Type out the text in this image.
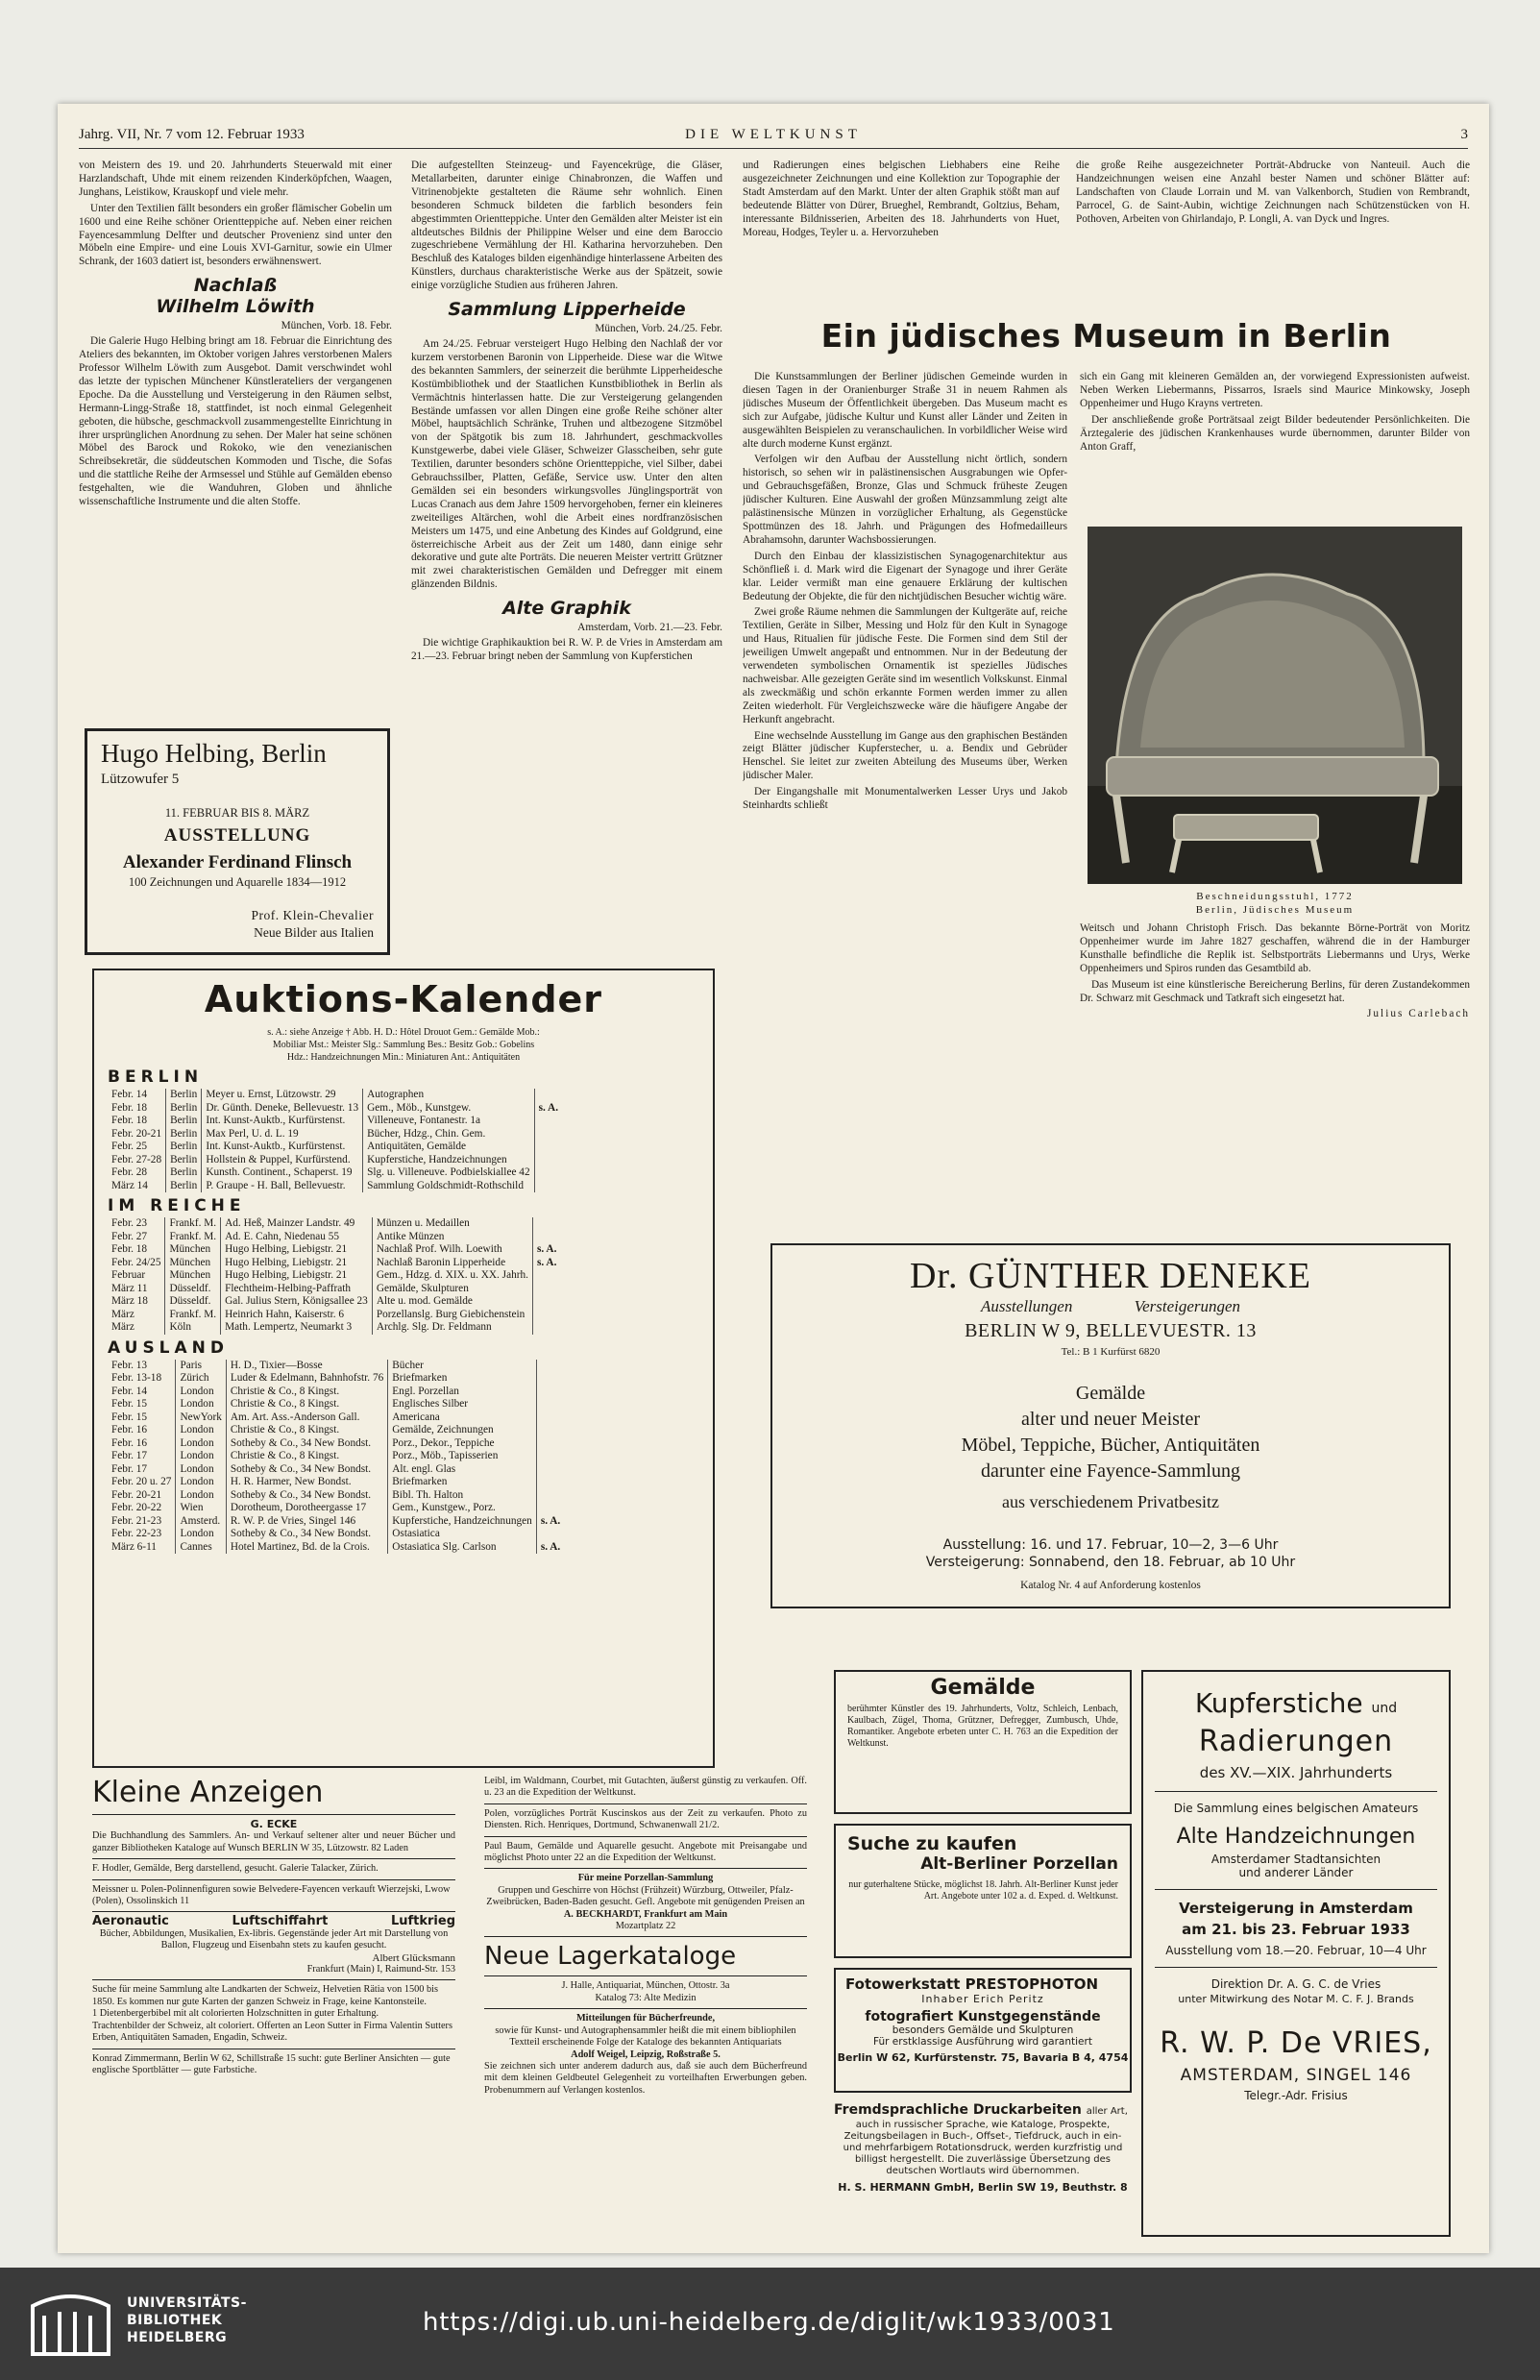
Jahrg. VII, Nr. 7 vom 12. Februar 1933	DIE WELTKUNST	3

von Meistern des 19. und 20. Jahrhunderts Steuerwald mit einer Harzlandschaft, Uhde mit einem reizenden Kinderköpfchen, Waagen, Junghans, Leistikow, Krauskopf und viele mehr.

Unter den Textilien fällt besonders ein großer flämischer Gobelin um 1600 und eine Reihe schöner Orientteppiche auf. Neben einer reichen Fayencesammlung Delfter und deutscher Provenienz sind unter den Möbeln eine Empire- und eine Louis XVI-Garnitur, sowie ein Ulmer Schrank, der 1603 datiert ist, besonders erwähnenswert.

Nachlaß
Wilhelm Löwith
München, Vorb. 18. Febr.

Die Galerie Hugo Helbing bringt am 18. Februar die Einrichtung des Ateliers des bekannten, im Oktober vorigen Jahres verstorbenen Malers Professor Wilhelm Löwith zum Ausgebot. Damit verschwindet wohl das letzte der typischen Münchener Künstlerateliers der vergangenen Epoche. Da die Ausstellung und Versteigerung in den Räumen selbst, Hermann-Lingg-Straße 18, stattfindet, ist noch einmal Gelegenheit geboten, die hübsche, geschmackvoll zusammengestellte Einrichtung in ihrer ursprünglichen Anordnung zu sehen. Der Maler hat seine schönen Möbel des Barock und Rokoko, wie den venezianischen Schreibsekretär, die süddeutschen Kommoden und Tische, die Sofas und die stattliche Reihe der Armsessel und Stühle auf Gemälden ebenso festgehalten, wie die Wanduhren, Globen und ähnliche wissenschaftliche Instrumente und die alten Stoffe.

Hugo Helbing, Berlin
Lützowufer 5
11. FEBRUAR BIS 8. MÄRZ
AUSSTELLUNG
Alexander Ferdinand Flinsch
100 Zeichnungen und Aquarelle 1834—1912
Prof. Klein-Chevalier
Neue Bilder aus Italien

Die aufgestellten Steinzeug- und Fayencekrüge, die Gläser, Metallarbeiten, darunter einige Chinabronzen, die Waffen und Vitrinenobjekte gestalteten die Räume sehr wohnlich. Einen besonderen Schmuck bildeten die farblich besonders fein abgestimmten Orientteppiche. Unter den Gemälden alter Meister ist ein altdeutsches Bildnis der Philippine Welser und eine dem Baroccio zugeschriebene Vermählung der Hl. Katharina hervorzuheben. Den Beschluß des Kataloges bilden eigenhändige hinterlassene Arbeiten des Künstlers, durchaus charakteristische Werke aus der Spätzeit, sowie einige vorzügliche Studien aus früheren Jahren.

Sammlung Lipperheide
München, Vorb. 24./25. Febr.

Am 24./25. Februar versteigert Hugo Helbing den Nachlaß der vor kurzem verstorbenen Baronin von Lipperheide. Diese war die Witwe des bekannten Sammlers, der seinerzeit die berühmte Lipperheidesche Kostümbibliothek und der Staatlichen Kunstbibliothek in Berlin als Vermächtnis hinterlassen hatte. Die zur Versteigerung gelangenden Bestände umfassen vor allen Dingen eine große Reihe schöner alter Möbel, hauptsächlich Schränke, Truhen und altbezogene Sitzmöbel von der Spätgotik bis zum 18. Jahrhundert, geschmackvolles Kunstgewerbe, dabei viele Gläser, Schweizer Glasscheiben, sehr gute Textilien, darunter besonders schöne Orientteppiche, viel Silber, dabei Gebrauchssilber, Platten, Gefäße, Service usw. Unter den alten Gemälden sei ein besonders wirkungsvolles Jünglingsporträt von Lucas Cranach aus dem Jahre 1509 hervorgehoben, ferner ein kleineres zweiteiliges Altärchen, wohl die Arbeit eines nordfranzösischen Meisters um 1475, und eine Anbetung des Kindes auf Goldgrund, eine österreichische Arbeit aus der Zeit um 1480, dann einige sehr dekorative und gute alte Porträts. Die neueren Meister vertritt Grützner mit zwei charakteristischen Gemälden und Defregger mit einem glänzenden Bildnis.

Alte Graphik
Amsterdam, Vorb. 21.—23. Febr.

Die wichtige Graphikauktion bei R. W. P. de Vries in Amsterdam am 21.—23. Februar bringt neben der Sammlung von Kupferstichen

und Radierungen eines belgischen Liebhabers eine Reihe ausgezeichneter Zeichnungen und eine Kollektion zur Topographie der Stadt Amsterdam auf den Markt. Unter der alten Graphik stößt man auf bedeutende Blätter von Dürer, Brueghel, Rembrandt, Goltzius, Beham, interessante Bildnisserien, Arbeiten des 18. Jahrhunderts von Huet, Moreau, Hodges, Teyler u. a. Hervorzuheben

die große Reihe ausgezeichneter Porträt-Abdrucke von Nanteuil. Auch die Handzeichnungen weisen eine Anzahl bester Namen und schöner Blätter auf: Landschaften von Claude Lorrain und M. van Valkenborch, Studien von Rembrandt, Parrocel, G. de Saint-Aubin, wichtige Zeichnungen nach Schützenstücken von H. Pothoven, Arbeiten von Ghirlandajo, P. Longli, A. van Dyck und Ingres.

Ein jüdisches Museum in Berlin

Die Kunstsammlungen der Berliner jüdischen Gemeinde wurden in diesen Tagen in der Oranienburger Straße 31 in neuem Rahmen als jüdisches Museum der Öffentlichkeit übergeben. Das Museum macht es sich zur Aufgabe, jüdische Kultur und Kunst aller Länder und Zeiten in ausgewählten Beispielen zu veranschaulichen. In vorbildlicher Weise wird alte durch moderne Kunst ergänzt.

Verfolgen wir den Aufbau der Ausstellung nicht örtlich, sondern historisch, so sehen wir in palästinensischen Ausgrabungen wie Opfer- und Gebrauchsgefäßen, Bronze, Glas und Schmuck früheste Zeugen jüdischer Kulturen. Eine Auswahl der großen Münzsammlung zeigt alte palästinensische Münzen in vorzüglicher Erhaltung, als Gegenstücke Spottmünzen des 18. Jahrh. und Prägungen des Hofmedailleurs Abrahamsohn, darunter Wachsbossierungen.

Durch den Einbau der klassizistischen Synagogenarchitektur aus Schönfließ i. d. Mark wird die Eigenart der Synagoge und ihrer Geräte klar. Leider vermißt man eine genauere Erklärung der kultischen Bedeutung der Objekte, die für den nichtjüdischen Besucher wichtig wäre.

Zwei große Räume nehmen die Sammlungen der Kultgeräte auf, reiche Textilien, Geräte in Silber, Messing und Holz für den Kult in Synagoge und Haus, Ritualien für jüdische Feste. Die Formen sind dem Stil der jeweiligen Umwelt angepaßt und entnommen. Nur in der Bedeutung der verwendeten symbolischen Ornamentik ist spezielles Jüdisches nachweisbar. Alle gezeigten Geräte sind im wesentlich Volkskunst. Einmal als zweckmäßig und schön erkannte Formen werden immer zu allen Zeiten wiederholt. Für Vergleichszwecke wäre die häufigere Angabe der Herkunft angebracht.

Eine wechselnde Ausstellung im Gange aus den graphischen Beständen zeigt Blätter jüdischer Kupferstecher, u. a. Bendix und Gebrüder Henschel. Sie leitet zur zweiten Abteilung des Museums über, Werken jüdischer Maler.

Der Eingangshalle mit Monumentalwerken Lesser Urys und Jakob Steinhardts schließt

sich ein Gang mit kleineren Gemälden an, der vorwiegend Expressionisten aufweist. Neben Werken Liebermanns, Pissarros, Israels sind Maurice Minkowsky, Joseph Oppenheimer und Hugo Krayns vertreten.

Der anschließende große Porträtsaal zeigt Bilder bedeutender Persönlichkeiten. Die Ärztegalerie des jüdischen Krankenhauses wurde übernommen, darunter Bilder von Anton Graff,

Beschneidungsstuhl, 1772
Berlin, Jüdisches Museum

Weitsch und Johann Christoph Frisch. Das bekannte Börne-Porträt von Moritz Oppenheimer wurde im Jahre 1827 geschaffen, während die in der Hamburger Kunsthalle befindliche die Replik ist. Selbstporträts Liebermanns und Urys, Werke Oppenheimers und Spiros runden das Gesamtbild ab.

Das Museum ist eine künstlerische Bereicherung Berlins, für deren Zustandekommen Dr. Schwarz mit Geschmack und Tatkraft sich eingesetzt hat.

Julius Carlebach
Auktions-Kalender
s. A.: siehe Anzeige † Abb. H. D.: Hôtel Drouot Gem.: Gemälde Mob.:
Mobiliar Mst.: Meister Slg.: Sammlung Bes.: Besitz Gob.: Gobelins
Hdz.: Handzeichnungen Min.: Miniaturen Ant.: Antiquitäten
BERLIN
Febr. 14	Berlin	Meyer u. Ernst, Lützowstr. 29	Autographen	
Febr. 18	Berlin	Dr. Günth. Deneke, Bellevuestr. 13	Gem., Möb., Kunstgew.	s. A.
Febr. 18	Berlin	Int. Kunst-Auktb., Kurfürstenst.	Villeneuve, Fontanestr. 1a	
Febr. 20-21	Berlin	Max Perl, U. d. L. 19	Bücher, Hdzg., Chin. Gem.	
Febr. 25	Berlin	Int. Kunst-Auktb., Kurfürstenst.	Antiquitäten, Gemälde	
Febr. 27-28	Berlin	Hollstein & Puppel, Kurfürstend.	Kupferstiche, Handzeichnungen	
Febr. 28	Berlin	Kunsth. Continent., Schaperst. 19	Slg. u. Villeneuve. Podbielskiallee 42	
März 14	Berlin	P. Graupe - H. Ball, Bellevuestr.	Sammlung Goldschmidt-Rothschild	
IM REICHE
Febr. 23	Frankf. M.	Ad. Heß, Mainzer Landstr. 49	Münzen u. Medaillen	
Febr. 27	Frankf. M.	Ad. E. Cahn, Niedenau 55	Antike Münzen	
Febr. 18	München	Hugo Helbing, Liebigstr. 21	Nachlaß Prof. Wilh. Loewith	s. A.
Febr. 24/25	München	Hugo Helbing, Liebigstr. 21	Nachlaß Baronin Lipperheide	s. A.
Februar	München	Hugo Helbing, Liebigstr. 21	Gem., Hdzg. d. XIX. u. XX. Jahrh.	
März 11	Düsseldf.	Flechtheim-Helbing-Paffrath	Gemälde, Skulpturen	
März 18	Düsseldf.	Gal. Julius Stern, Königsallee 23	Alte u. mod. Gemälde	
März	Frankf. M.	Heinrich Hahn, Kaiserstr. 6	Porzellanslg. Burg Giebichenstein	
März	Köln	Math. Lempertz, Neumarkt 3	Archlg. Slg. Dr. Feldmann	
AUSLAND
Febr. 13	Paris	H. D., Tixier—Bosse	Bücher	
Febr. 13-18	Zürich	Luder & Edelmann, Bahnhofstr. 76	Briefmarken	
Febr. 14	London	Christie & Co., 8 Kingst.	Engl. Porzellan	
Febr. 15	London	Christie & Co., 8 Kingst.	Englisches Silber	
Febr. 15	NewYork	Am. Art. Ass.-Anderson Gall.	Americana	
Febr. 16	London	Christie & Co., 8 Kingst.	Gemälde, Zeichnungen	
Febr. 16	London	Sotheby & Co., 34 New Bondst.	Porz., Dekor., Teppiche	
Febr. 17	London	Christie & Co., 8 Kingst.	Porz., Möb., Tapisserien	
Febr. 17	London	Sotheby & Co., 34 New Bondst.	Alt. engl. Glas	
Febr. 20 u. 27	London	H. R. Harmer, New Bondst.	Briefmarken	
Febr. 20-21	London	Sotheby & Co., 34 New Bondst.	Bibl. Th. Halton	
Febr. 20-22	Wien	Dorotheum, Dorotheergasse 17	Gem., Kunstgew., Porz.	
Febr. 21-23	Amsterd.	R. W. P. de Vries, Singel 146	Kupferstiche, Handzeichnungen	s. A.
Febr. 22-23	London	Sotheby & Co., 34 New Bondst.	Ostasiatica	
März 6-11	Cannes	Hotel Martinez, Bd. de la Crois.	Ostasiatica Slg. Carlson	s. A.
Dr. GÜNTHER DENEKE
Ausstellungen	Versteigerungen
BERLIN W 9, BELLEVUESTR. 13
Tel.: B 1 Kurfürst 6820
Gemälde
alter und neuer Meister
Möbel, Teppiche, Bücher, Antiquitäten
darunter eine Fayence-Sammlung
aus verschiedenem Privatbesitz
Ausstellung: 16. und 17. Februar, 10—2, 3—6 Uhr
Versteigerung: Sonnabend, den 18. Februar, ab 10 Uhr
Katalog Nr. 4 auf Anforderung kostenlos
Kleine Anzeigen
G. ECKE
Die Buchhandlung des Sammlers. An- und Verkauf seltener alter und neuer Bücher und ganzer Bibliotheken Kataloge auf Wunsch BERLIN W 35, Lützowstr. 82 Laden
F. Hodler, Gemälde, Berg darstellend, gesucht. Galerie Talacker, Zürich.
Meissner u. Polen-Polinnenfiguren sowie Belvedere-Fayencen verkauft Wierzejski, Lwow (Polen), Ossolinskich 11
Aeronautic	Luftschiffahrt	Luftkrieg
Bücher, Abbildungen, Musikalien, Ex-libris. Gegenstände jeder Art mit Darstellung von Ballon, Flugzeug und Eisenbahn stets zu kaufen gesucht.
Albert Glücksmann
Frankfurt (Main) I, Raimund-Str. 153
Suche für meine Sammlung alte Landkarten der Schweiz, Helvetien Rätia von 1500 bis 1850. Es kommen nur gute Karten der ganzen Schweiz in Frage, keine Kantonsteile.
1 Dietenbergerbibel mit alt colorierten Holzschnitten in guter Erhaltung.
Trachtenbilder der Schweiz, alt coloriert. Offerten an Leon Sutter in Firma Valentin Sutters Erben, Antiquitäten Samaden, Engadin, Schweiz.
Konrad Zimmermann, Berlin W 62, Schillstraße 15 sucht: gute Berliner Ansichten — gute englische Sportblätter — gute Farbstiche.
Leibl, im Waldmann, Courbet, mit Gutachten, äußerst günstig zu verkaufen. Off. u. 23 an die Expedition der Weltkunst.
Polen, vorzügliches Porträt Kuscinskos aus der Zeit zu verkaufen. Photo zu Diensten. Rich. Henriques, Dortmund, Schwanenwall 21/2.
Paul Baum, Gemälde und Aquarelle gesucht. Angebote mit Preisangabe und möglichst Photo unter 22 an die Expedition der Weltkunst.
Für meine Porzellan-Sammlung
Gruppen und Geschirre von Höchst (Frühzeit) Würzburg, Ottweiler, Pfalz-Zweibrücken, Baden-Baden gesucht. Gefl. Angebote mit genügenden Preisen an
A. BECKHARDT, Frankfurt am Main
Mozartplatz 22
Neue Lagerkataloge
J. Halle, Antiquariat, München, Ottostr. 3a
Katalog 73: Alte Medizin
Mitteilungen für Bücherfreunde,
sowie für Kunst- und Autographensammler heißt die mit einem bibliophilen Textteil erscheinende Folge der Kataloge des bekannten Antiquariats
Adolf Weigel, Leipzig, Roßstraße 5.
Sie zeichnen sich unter anderem dadurch aus, daß sie auch dem Bücherfreund mit dem kleinen Geldbeutel Gelegenheit zu vorteilhaften Erwerbungen geben. Probenummern auf Verlangen kostenlos.
Gemälde
berühmter Künstler des 19. Jahrhunderts, Voltz, Schleich, Lenbach, Kaulbach, Zügel, Thoma, Grützner, Defregger, Zumbusch, Uhde, Romantiker. Angebote erbeten unter C. H. 763 an die Expedition der Weltkunst.
Suche zu kaufen
Alt-Berliner Porzellan
nur guterhaltene Stücke, möglichst 18. Jahrh. Alt-Berliner Kunst jeder Art. Angebote unter 102 a. d. Exped. d. Weltkunst.
Fotowerkstatt PRESTOPHOTON
Inhaber Erich Peritz
fotografiert Kunstgegenstände
besonders Gemälde und Skulpturen
Für erstklassige Ausführung wird garantiert
Berlin W 62, Kurfürstenstr. 75, Bavaria B 4, 4754
Fremdsprachliche Druckarbeiten aller Art,
auch in russischer Sprache, wie Kataloge, Prospekte, Zeitungsbeilagen in Buch-, Offset-, Tiefdruck, auch in ein- und mehrfarbigem Rotationsdruck, werden kurzfristig und billigst hergestellt. Die zuverlässige Übersetzung des deutschen Wortlauts wird übernommen.
H. S. HERMANN GmbH, Berlin SW 19, Beuthstr. 8
Kupferstiche und
Radierungen
des XV.—XIX. Jahrhunderts
Die Sammlung eines belgischen Amateurs
Alte Handzeichnungen
Amsterdamer Stadtansichten
und anderer Länder
Versteigerung in Amsterdam
am 21. bis 23. Februar 1933
Ausstellung vom 18.—20. Februar, 10—4 Uhr
Direktion Dr. A. G. C. de Vries
unter Mitwirkung des Notar M. C. F. J. Brands
R. W. P. De VRIES,
AMSTERDAM, SINGEL 146
Telegr.-Adr. Frisius
UNIVERSITÄTS-
BIBLIOTHEK
HEIDELBERG
https://digi.ub.uni-heidelberg.de/diglit/wk1933/0031
